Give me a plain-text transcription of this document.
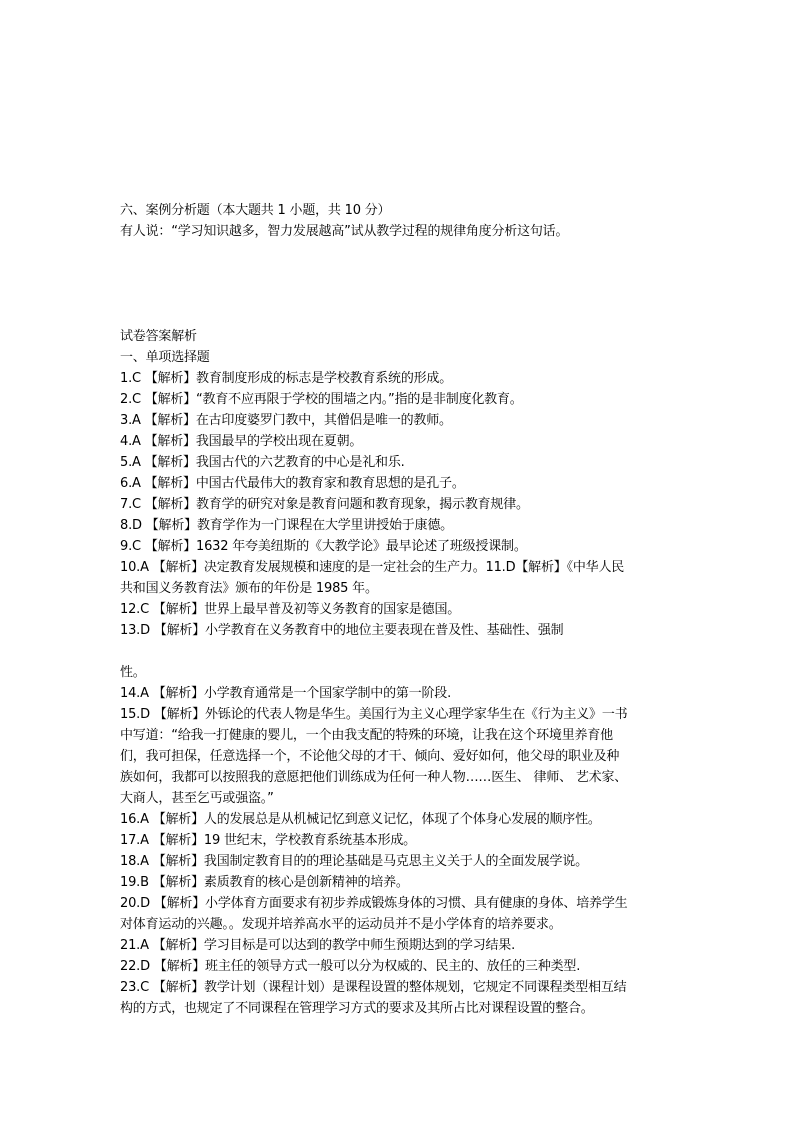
六、案例分析题（本大题共 1 小题，共 10 分）
有人说：“学习知识越多，智力发展越高”试从教学过程的规律角度分析这句话。
试卷答案解析
一、单项选择题
1.C 【解析】教育制度形成的标志是学校教育系统的形成。
2.C 【解析】“教育不应再限于学校的围墙之内。”指的是非制度化教育。
3.A 【解析】在古印度婆罗门教中，其僧侣是唯一的教师。
4.A 【解析】我国最早的学校出现在夏朝。
5.A 【解析】我国古代的六艺教育的中心是礼和乐.
6.A 【解析】中国古代最伟大的教育家和教育思想的是孔子。
7.C 【解析】教育学的研究对象是教育问题和教育现象，揭示教育规律。
8.D 【解析】教育学作为一门课程在大学里讲授始于康德。
9.C 【解析】1632 年夸美纽斯的《大教学论》最早论述了班级授课制。
10.A 【解析】决定教育发展规模和速度的是一定社会的生产力。11.D【解析】《中华人民
共和国义务教育法》颁布的年份是 1985 年。
12.C 【解析】世界上最早普及初等义务教育的国家是德国。
13.D 【解析】小学教育在义务教育中的地位主要表现在普及性、基础性、强制
性。
14.A 【解析】小学教育通常是一个国家学制中的第一阶段.
15.D 【解析】外铄论的代表人物是华生。美国行为主义心理学家华生在《行为主义》一书
中写道：“给我一打健康的婴儿，一个由我支配的特殊的环境，让我在这个环境里养育他
们，我可担保，任意选择一个，不论他父母的才干、倾向、爱好如何，他父母的职业及种
族如何，我都可以按照我的意愿把他们训练成为任何一种人物……医生、 律师、 艺术家、
大商人，甚至乞丐或强盗。”
16.A 【解析】人的发展总是从机械记忆到意义记忆，体现了个体身心发展的顺序性。
17.A 【解析】19 世纪末，学校教育系统基本形成。
18.A 【解析】我国制定教育目的的理论基础是马克思主义关于人的全面发展学说。
19.B 【解析】素质教育的核心是创新精神的培养。
20.D 【解析】小学体育方面要求有初步养成锻炼身体的习惯、具有健康的身体、培养学生
对体育运动的兴趣。。发现并培养高水平的运动员并不是小学体育的培养要求。
21.A 【解析】学习目标是可以达到的教学中师生预期达到的学习结果.
22.D 【解析】班主任的领导方式一般可以分为权威的、民主的、放任的三种类型.
23.C 【解析】教学计划（课程计划）是课程设置的整体规划，它规定不同课程类型相互结
构的方式，也规定了不同课程在管理学习方式的要求及其所占比对课程设置的整合。
